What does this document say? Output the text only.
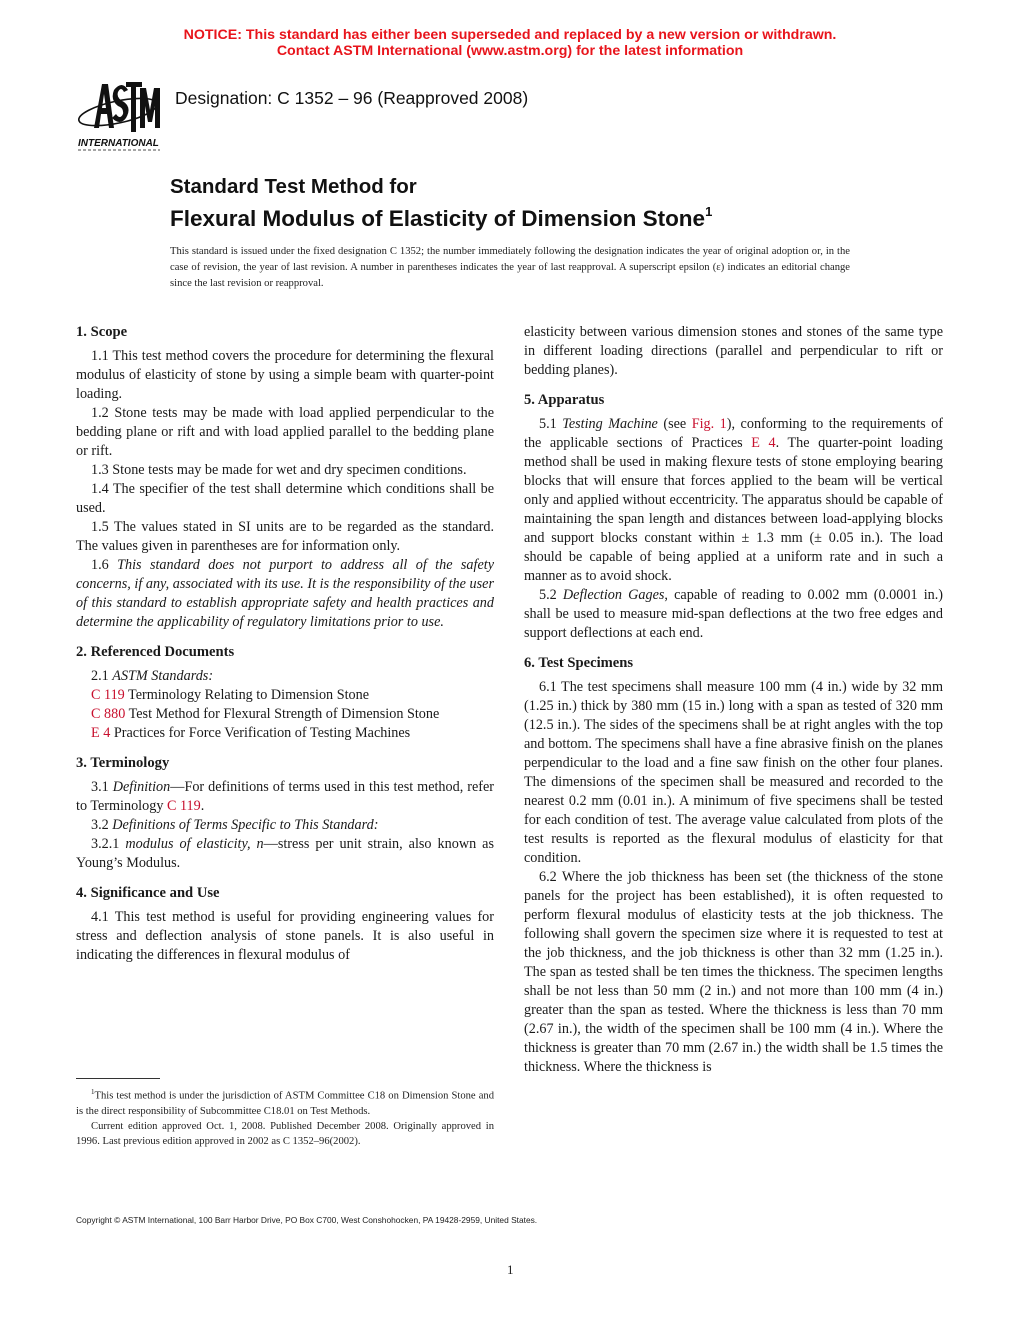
NOTICE: This standard has either been superseded and replaced by a new version or withdrawn.
Contact ASTM International (www.astm.org) for the latest information
INTERNATIONAL
Designation: C 1352 – 96 (Reapproved 2008)
Standard Test Method for
Flexural Modulus of Elasticity of Dimension Stone$^1$
This standard is issued under the fixed designation C 1352; the number immediately following the designation indicates the year of original adoption or, in the case of revision, the year of last revision. A number in parentheses indicates the year of last reapproval. A superscript epsilon (ε) indicates an editorial change since the last revision or reapproval.
1. Scope

1.1 This test method covers the procedure for determining the flexural modulus of elasticity of stone by using a simple beam with quarter-point loading.

1.2 Stone tests may be made with load applied perpendicular to the bedding plane or rift and with load applied parallel to the bedding plane or rift.

1.3 Stone tests may be made for wet and dry specimen conditions.

1.4 The specifier of the test shall determine which conditions shall be used.

1.5 The values stated in SI units are to be regarded as the standard. The values given in parentheses are for information only.

1.6 This standard does not purport to address all of the safety concerns, if any, associated with its use. It is the responsibility of the user of this standard to establish appropriate safety and health practices and determine the applicability of regulatory limitations prior to use.

2. Referenced Documents

2.1 ASTM Standards:

C 119 Terminology Relating to Dimension Stone

C 880 Test Method for Flexural Strength of Dimension Stone

E 4 Practices for Force Verification of Testing Machines

3. Terminology

3.1 Definition—For definitions of terms used in this test method, refer to Terminology C 119.

3.2 Definitions of Terms Specific to This Standard:

3.2.1 modulus of elasticity, n—stress per unit strain, also known as Young’s Modulus.

4. Significance and Use

4.1 This test method is useful for providing engineering values for stress and deflection analysis of stone panels. It is also useful in indicating the differences in flexural modulus of

$^1$This test method is under the jurisdiction of ASTM Committee C18 on Dimension Stone and is the direct responsibility of Subcommittee C18.01 on Test Methods.

Current edition approved Oct. 1, 2008. Published December 2008. Originally approved in 1996. Last previous edition approved in 2002 as C 1352–96(2002).

elasticity between various dimension stones and stones of the same type in different loading directions (parallel and perpendicular to rift or bedding planes).

5. Apparatus

5.1 Testing Machine (see Fig. 1), conforming to the requirements of the applicable sections of Practices E 4. The quarter-point loading method shall be used in making flexure tests of stone employing bearing blocks that will ensure that forces applied to the beam will be vertical only and applied without eccentricity. The apparatus should be capable of maintaining the span length and distances between load-applying blocks and support blocks constant within ± 1.3 mm (± 0.05 in.). The load should be capable of being applied at a uniform rate and in such a manner as to avoid shock.

5.2 Deflection Gages, capable of reading to 0.002 mm (0.0001 in.) shall be used to measure mid-span deflections at the two free edges and support deflections at each end.

6. Test Specimens

6.1 The test specimens shall measure 100 mm (4 in.) wide by 32 mm (1.25 in.) thick by 380 mm (15 in.) long with a span as tested of 320 mm (12.5 in.). The sides of the specimens shall be at right angles with the top and bottom. The specimens shall have a fine abrasive finish on the planes perpendicular to the load and a fine saw finish on the other four planes. The dimensions of the specimen shall be measured and recorded to the nearest 0.2 mm (0.01 in.). A minimum of five specimens shall be tested for each condition of test. The average value calculated from plots of the test results is reported as the flexural modulus of elasticity for that condition.

6.2 Where the job thickness has been set (the thickness of the stone panels for the project has been established), it is often requested to perform flexural modulus of elasticity tests at the job thickness. The following shall govern the specimen size where it is requested to test at the job thickness, and the job thickness is other than 32 mm (1.25 in.). The span as tested shall be ten times the thickness. The specimen lengths shall be not less than 50 mm (2 in.) and not more than 100 mm (4 in.) greater than the span as tested. Where the thickness is less than 70 mm (2.67 in.), the width of the specimen shall be 100 mm (4 in.). Where the thickness is greater than 70 mm (2.67 in.) the width shall be 1.5 times the thickness. Where the thickness is

Copyright © ASTM International, 100 Barr Harbor Drive, PO Box C700, West Conshohocken, PA 19428-2959, United States.
1
